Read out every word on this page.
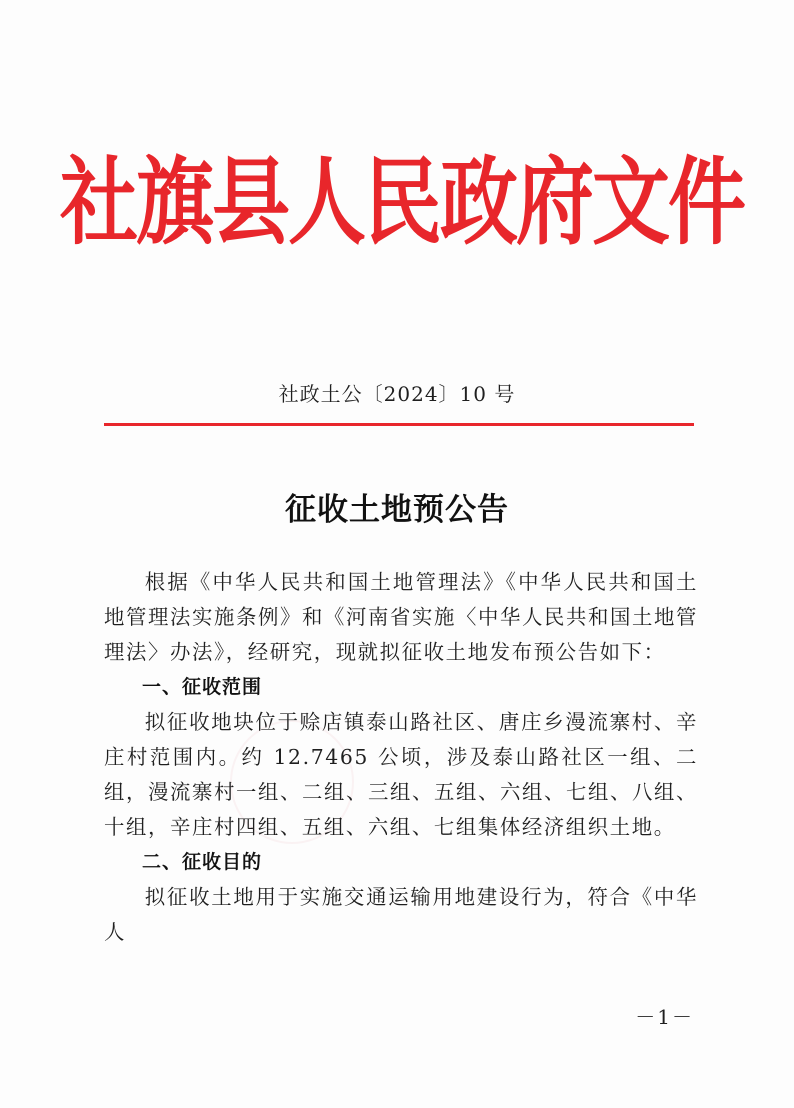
社旗县人民政府文件
社政土公〔2024〕10 号
征收土地预公告

根据《中华人民共和国土地管理法》《中华人民共和国土地管理法实施条例》和《河南省实施〈中华人民共和国土地管理法〉办法》，经研究，现就拟征收土地发布预公告如下：

一、征收范围

拟征收地块位于赊店镇泰山路社区、唐庄乡漫流寨村、辛庄村范围内。约 12.7465 公顷，涉及泰山路社区一组、二组，漫流寨村一组、二组、三组、五组、六组、七组、八组、十组，辛庄村四组、五组、六组、七组集体经济组织土地。

二、征收目的

拟征收土地用于实施交通运输用地建设行为，符合《中华人

－1－
